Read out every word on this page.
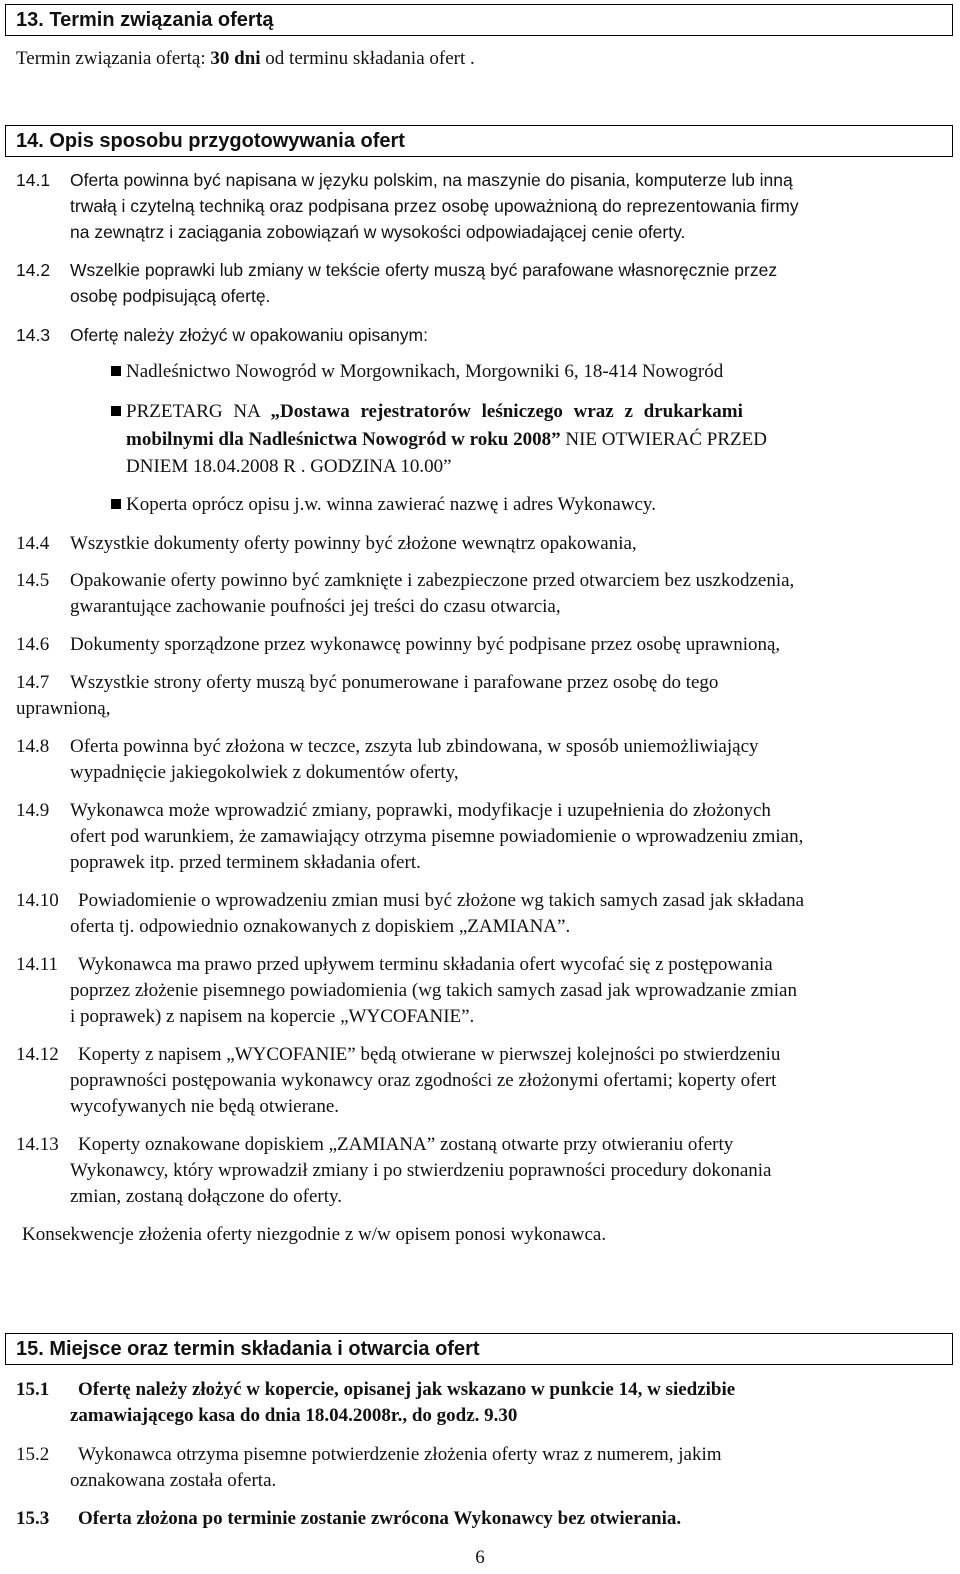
13. Termin związania ofertą
Termin związania ofertą: 30 dni od terminu składania ofert .
14. Opis sposobu przygotowywania ofert
14.1 Oferta powinna być napisana w języku polskim, na maszynie do pisania, komputerze lub inną
trwałą i czytelną techniką oraz podpisana przez osobę upoważnioną do reprezentowania firmy
na zewnątrz i zaciągania zobowiązań w wysokości odpowiadającej cenie oferty.
14.2 Wszelkie poprawki lub zmiany w tekście oferty muszą być parafowane własnoręcznie przez
osobę podpisującą ofertę.
14.3 Ofertę należy złożyć w opakowaniu opisanym:
Nadleśnictwo Nowogród w Morgownikach, Morgowniki 6, 18-414 Nowogród
PRZETARG NA „Dostawa rejestratorów leśniczego wraz z drukarkami
mobilnymi dla Nadleśnictwa Nowogród w roku 2008” NIE OTWIERAĆ PRZED
DNIEM 18.04.2008 R . GODZINA 10.00”
Koperta oprócz opisu j.w. winna zawierać nazwę i adres Wykonawcy.
14.4 Wszystkie dokumenty oferty powinny być złożone wewnątrz opakowania,
14.5 Opakowanie oferty powinno być zamknięte i zabezpieczone przed otwarciem bez uszkodzenia,
gwarantujące zachowanie poufności jej treści do czasu otwarcia,
14.6 Dokumenty sporządzone przez wykonawcę powinny być podpisane przez osobę uprawnioną,
14.7 Wszystkie strony oferty muszą być ponumerowane i parafowane przez osobę do tego
uprawnioną,
14.8 Oferta powinna być złożona w teczce, zszyta lub zbindowana, w sposób uniemożliwiający
wypadnięcie jakiegokolwiek z dokumentów oferty,
14.9 Wykonawca może wprowadzić zmiany, poprawki, modyfikacje i uzupełnienia do złożonych
ofert pod warunkiem, że zamawiający otrzyma pisemne powiadomienie o wprowadzeniu zmian,
poprawek itp. przed terminem składania ofert.
14.10 Powiadomienie o wprowadzeniu zmian musi być złożone wg takich samych zasad jak składana
oferta tj. odpowiednio oznakowanych z dopiskiem „ZAMIANA”.
14.11 Wykonawca ma prawo przed upływem terminu składania ofert wycofać się z postępowania
poprzez złożenie pisemnego powiadomienia (wg takich samych zasad jak wprowadzanie zmian
i poprawek) z napisem na kopercie „WYCOFANIE”.
14.12 Koperty z napisem „WYCOFANIE” będą otwierane w pierwszej kolejności po stwierdzeniu
poprawności postępowania wykonawcy oraz zgodności ze złożonymi ofertami; koperty ofert
wycofywanych nie będą otwierane.
14.13 Koperty oznakowane dopiskiem „ZAMIANA” zostaną otwarte przy otwieraniu oferty
Wykonawcy, który wprowadził zmiany i po stwierdzeniu poprawności procedury dokonania
zmian, zostaną dołączone do oferty.
Konsekwencje złożenia oferty niezgodnie z w/w opisem ponosi wykonawca.
15. Miejsce oraz termin składania i otwarcia ofert
15.1 Ofertę należy złożyć w kopercie, opisanej jak wskazano w punkcie 14, w siedzibie
zamawiającego kasa do dnia 18.04.2008r., do godz. 9.30
15.2 Wykonawca otrzyma pisemne potwierdzenie złożenia oferty wraz z numerem, jakim
oznakowana została oferta.
15.3 Oferta złożona po terminie zostanie zwrócona Wykonawcy bez otwierania.
6
